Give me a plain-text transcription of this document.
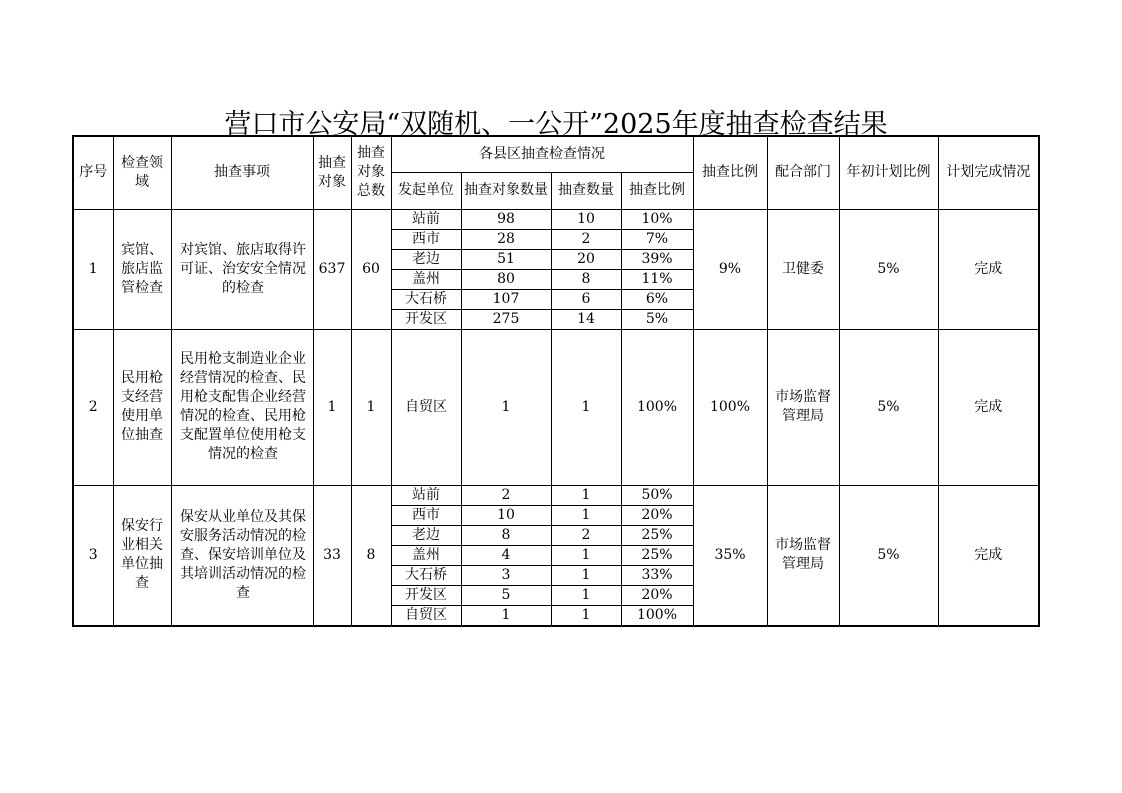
营口市公安局“双随机、一公开”2025年度抽查检查结果
序号	检查领域	抽查事项	抽查对象	抽查对象总数	各县区抽查检查情况				抽查比例	配合部门	年初计划比例	计划完成情况
					发起单位	抽查对象数量	抽查数量	抽查比例				
1	宾馆、旅店监管检查	对宾馆、旅店取得许可证、治安安全情况的检查	637	60	站前	98	10	10%	9%	卫健委	5%	完成
					西市	28	2	7%				
					老边	51	20	39%				
					盖州	80	8	11%				
					大石桥	107	6	6%				
					开发区	275	14	5%				
2	民用枪支经营使用单位抽查	民用枪支制造业企业经营情况的检查、民用枪支配售企业经营情况的检查、民用枪支配置单位使用枪支情况的检查	1	1	自贸区	1	1	100%	100%	市场监督管理局	5%	完成
3	保安行业相关单位抽查	保安从业单位及其保安服务活动情况的检查、保安培训单位及其培训活动情况的检查	33	8	站前	2	1	50%	35%	市场监督管理局	5%	完成
					西市	10	1	20%				
					老边	8	2	25%				
					盖州	4	1	25%				
					大石桥	3	1	33%				
					开发区	5	1	20%				
					自贸区	1	1	100%				
